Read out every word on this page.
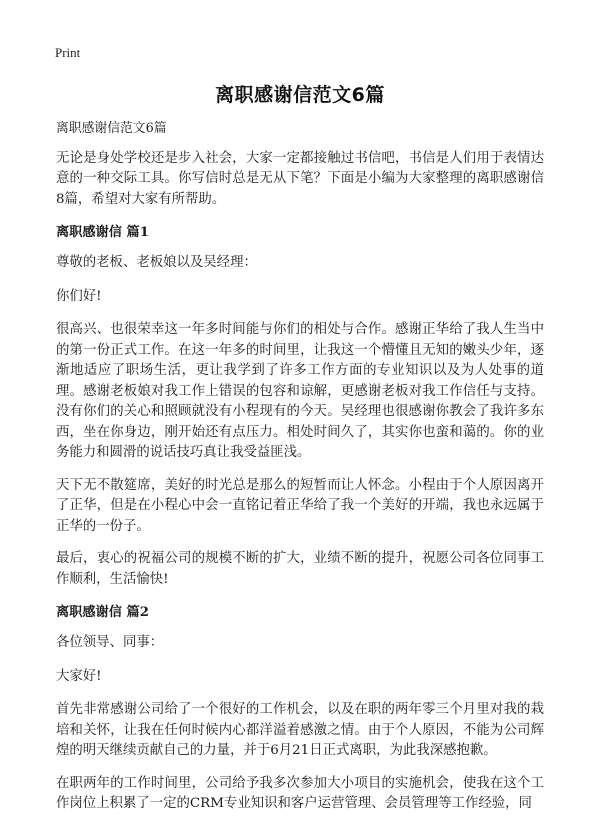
Print
离职感谢信范文6篇

离职感谢信范文6篇

无论是身处学校还是步入社会，大家一定都接触过书信吧，书信是人们用于表情达意的一种交际工具。你写信时总是无从下笔？下面是小编为大家整理的离职感谢信8篇，希望对大家有所帮助。

离职感谢信 篇1

尊敬的老板、老板娘以及吴经理：

你们好!

很高兴、也很荣幸这一年多时间能与你们的相处与合作。感谢正华给了我人生当中的第一份正式工作。在这一年多的时间里，让我这一个懵懂且无知的嫩头少年，逐渐地适应了职场生活，更让我学到了许多工作方面的专业知识以及为人处事的道理。感谢老板娘对我工作上错误的包容和谅解，更感谢老板对我工作信任与支持。没有你们的关心和照顾就没有小程现有的今天。吴经理也很感谢你教会了我许多东西，坐在你身边，刚开始还有点压力。相处时间久了，其实你也蛮和蔼的。你的业务能力和圆滑的说话技巧真让我受益匪浅。

天下无不散筵席，美好的时光总是那么的短暂而让人怀念。小程由于个人原因离开了正华，但是在小程心中会一直铭记着正华给了我一个美好的开端，我也永远属于正华的一份子。

最后，衷心的祝福公司的规模不断的扩大，业绩不断的提升，祝愿公司各位同事工作顺利，生活愉快!

离职感谢信 篇2

各位领导、同事：

大家好!

首先非常感谢公司给了一个很好的工作机会，以及在职的两年零三个月里对我的栽培和关怀，让我在任何时候内心都洋溢着感激之情。由于个人原因，不能为公司辉煌的明天继续贡献自己的力量，并于6月21日正式离职，为此我深感抱歉。

在职两年的工作时间里，公司给予我多次参加大小项目的实施机会，使我在这个工作岗位上积累了一定的CRM专业知识和客户运营管理、会员管理等工作经验，同
